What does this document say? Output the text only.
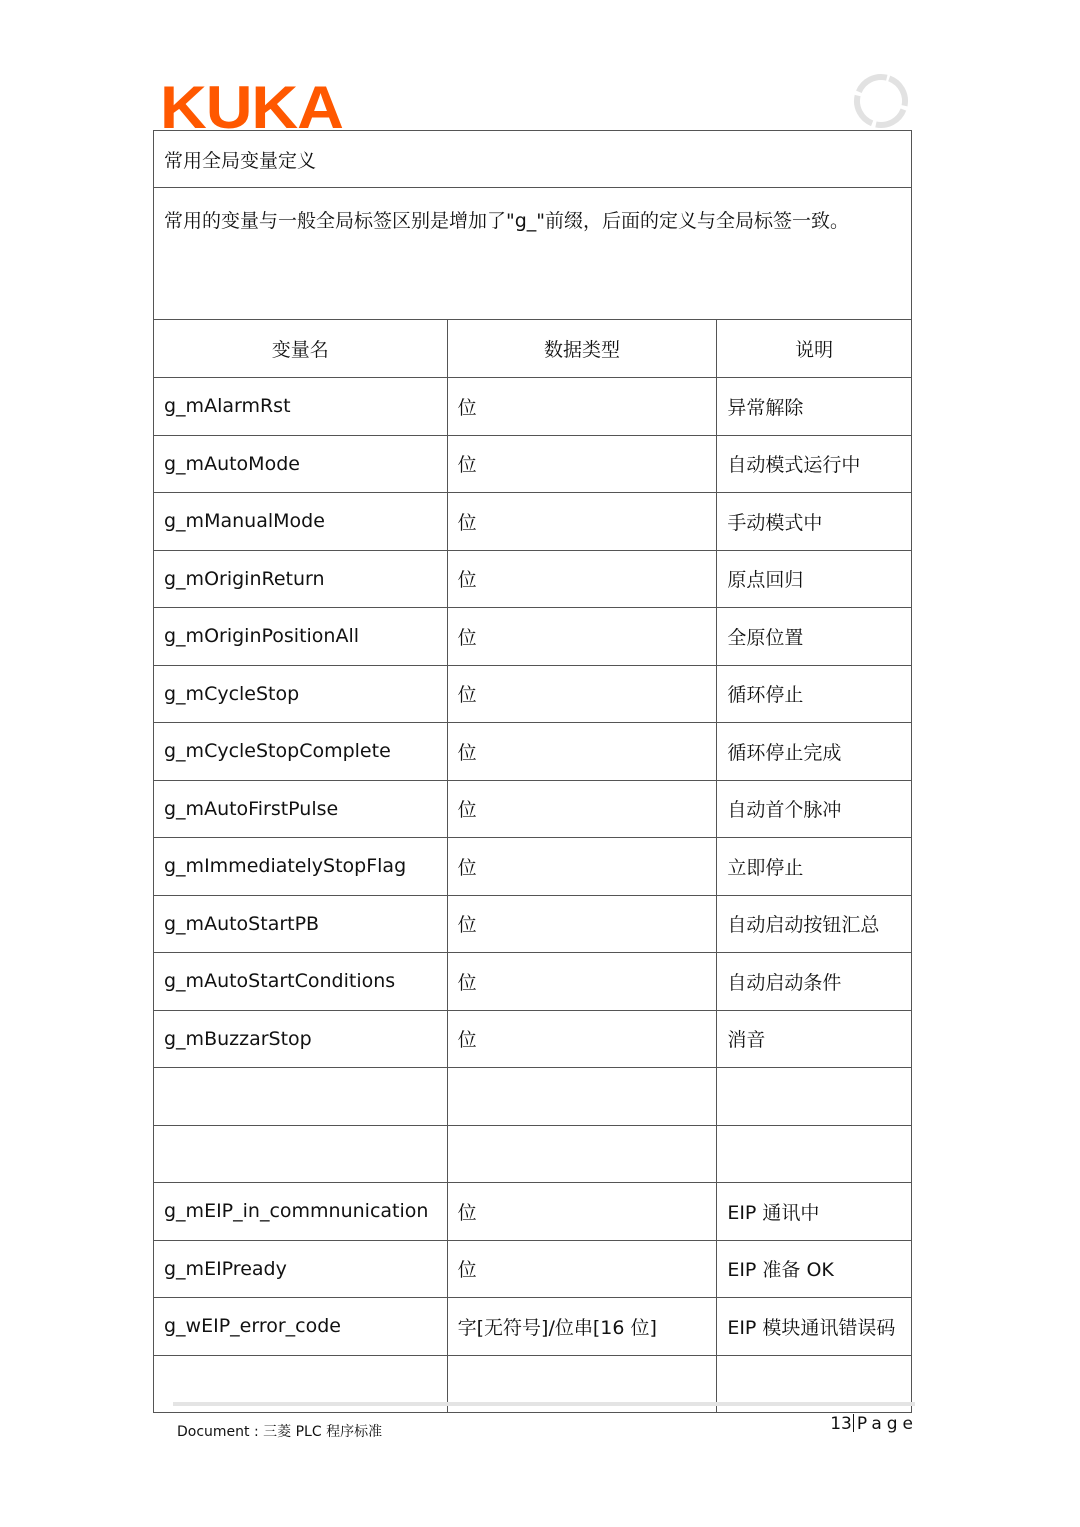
KUKA
常用全局变量定义		
常用的变量与一般全局标签区别是增加了"g_"前缀，后面的定义与全局标签一致。		
变量名	数据类型	说明
g_mAlarmRst	位	异常解除
g_mAutoMode	位	自动模式运行中
g_mManualMode	位	手动模式中
g_mOriginReturn	位	原点回归
g_mOriginPositionAll	位	全原位置
g_mCycleStop	位	循环停止
g_mCycleStopComplete	位	循环停止完成
g_mAutoFirstPulse	位	自动首个脉冲
g_mImmediatelyStopFlag	位	立即停止
g_mAutoStartPB	位	自动启动按钮汇总
g_mAutoStartConditions	位	自动启动条件
g_mBuzzarStop	位	消音

g_mEIP_in_commnunication	位	EIP 通讯中
g_mEIPready	位	EIP 准备 OK
g_wEIP_error_code	字[无符号]/位串[16 位]	EIP 模块通讯错误码

Document : 三菱 PLC 程序标准	13 Page
